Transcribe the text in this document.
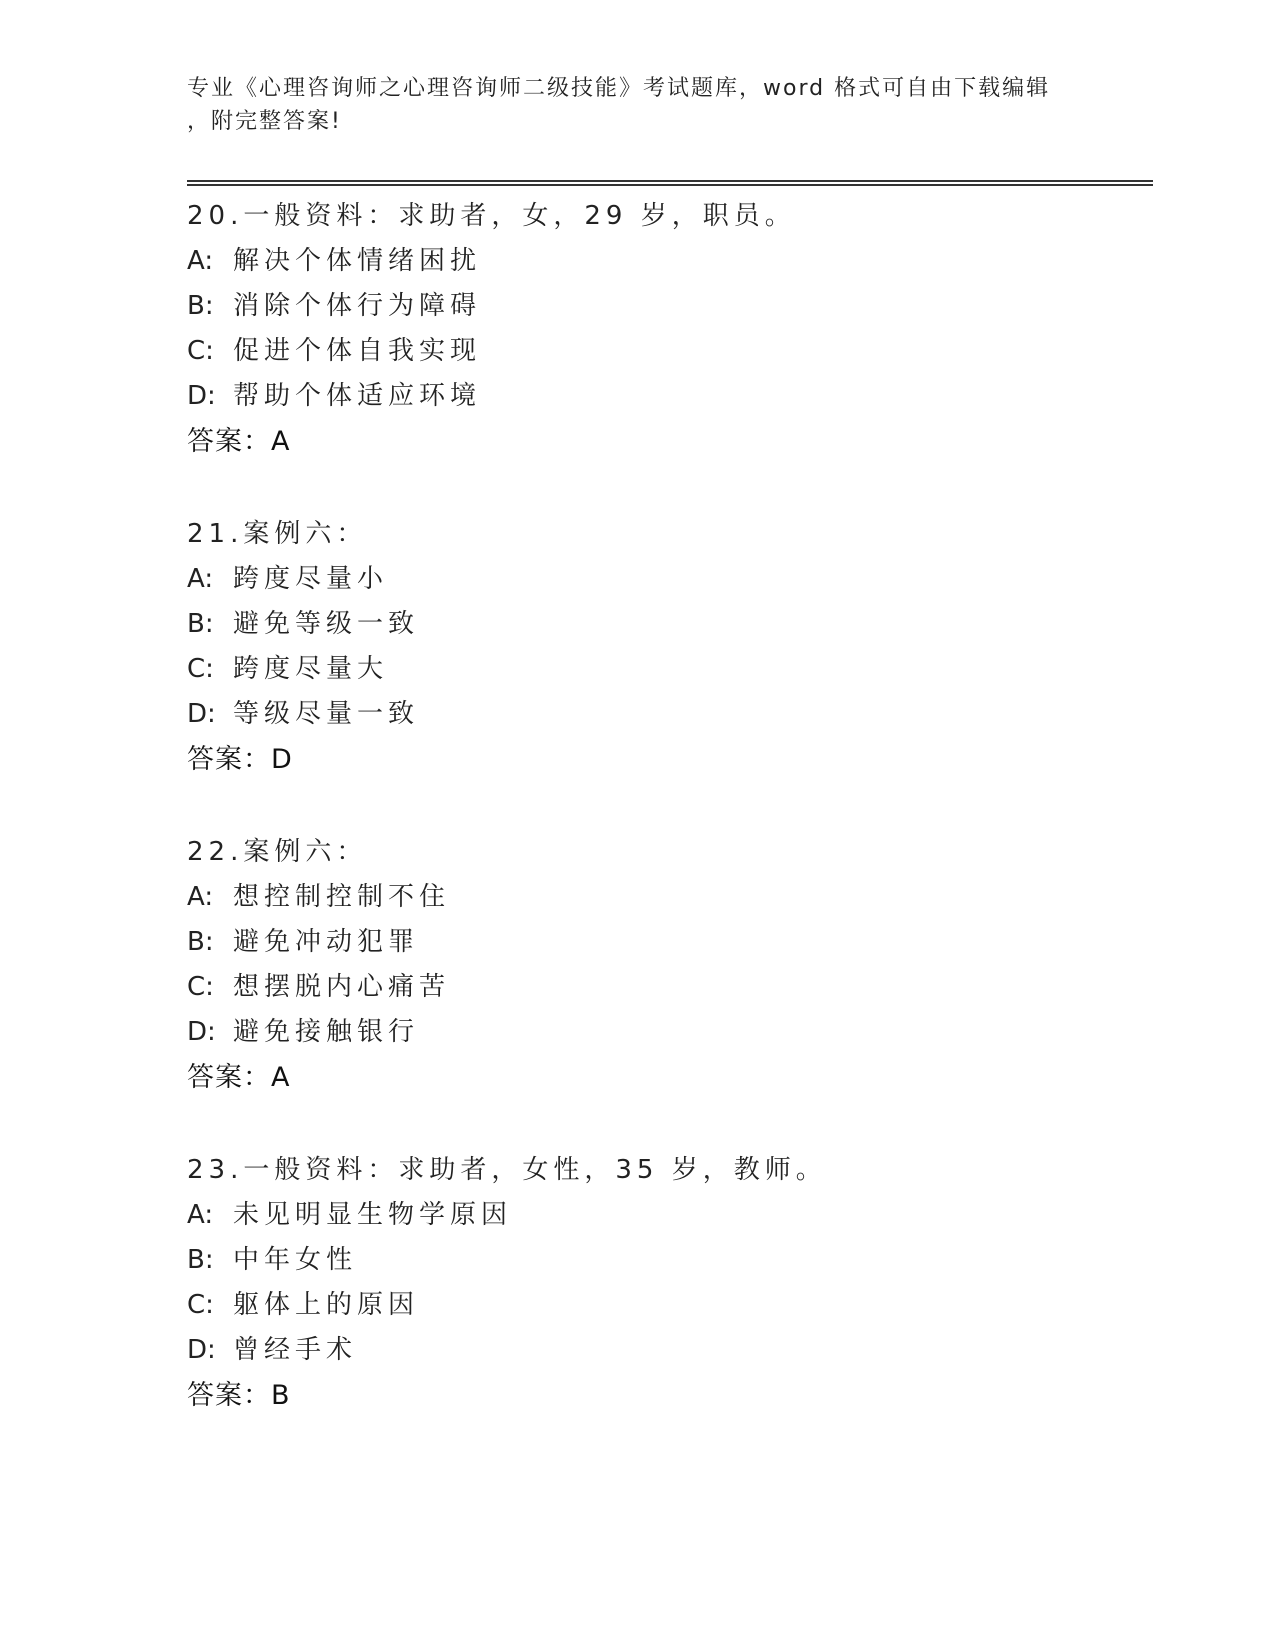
专业《心理咨询师之心理咨询师二级技能》考试题库，word 格式可自由下载编辑
，附完整答案!
20.一般资料：求助者，女，29 岁，职员。
A: 解决个体情绪困扰
B: 消除个体行为障碍
C: 促进个体自我实现
D: 帮助个体适应环境
答案：A
21.案例六：
A: 跨度尽量小
B: 避免等级一致
C: 跨度尽量大
D: 等级尽量一致
答案：D
22.案例六：
A: 想控制控制不住
B: 避免冲动犯罪
C: 想摆脱内心痛苦
D: 避免接触银行
答案：A
23.一般资料：求助者，女性，35 岁，教师。
A: 未见明显生物学原因
B: 中年女性
C: 躯体上的原因
D: 曾经手术
答案：B
